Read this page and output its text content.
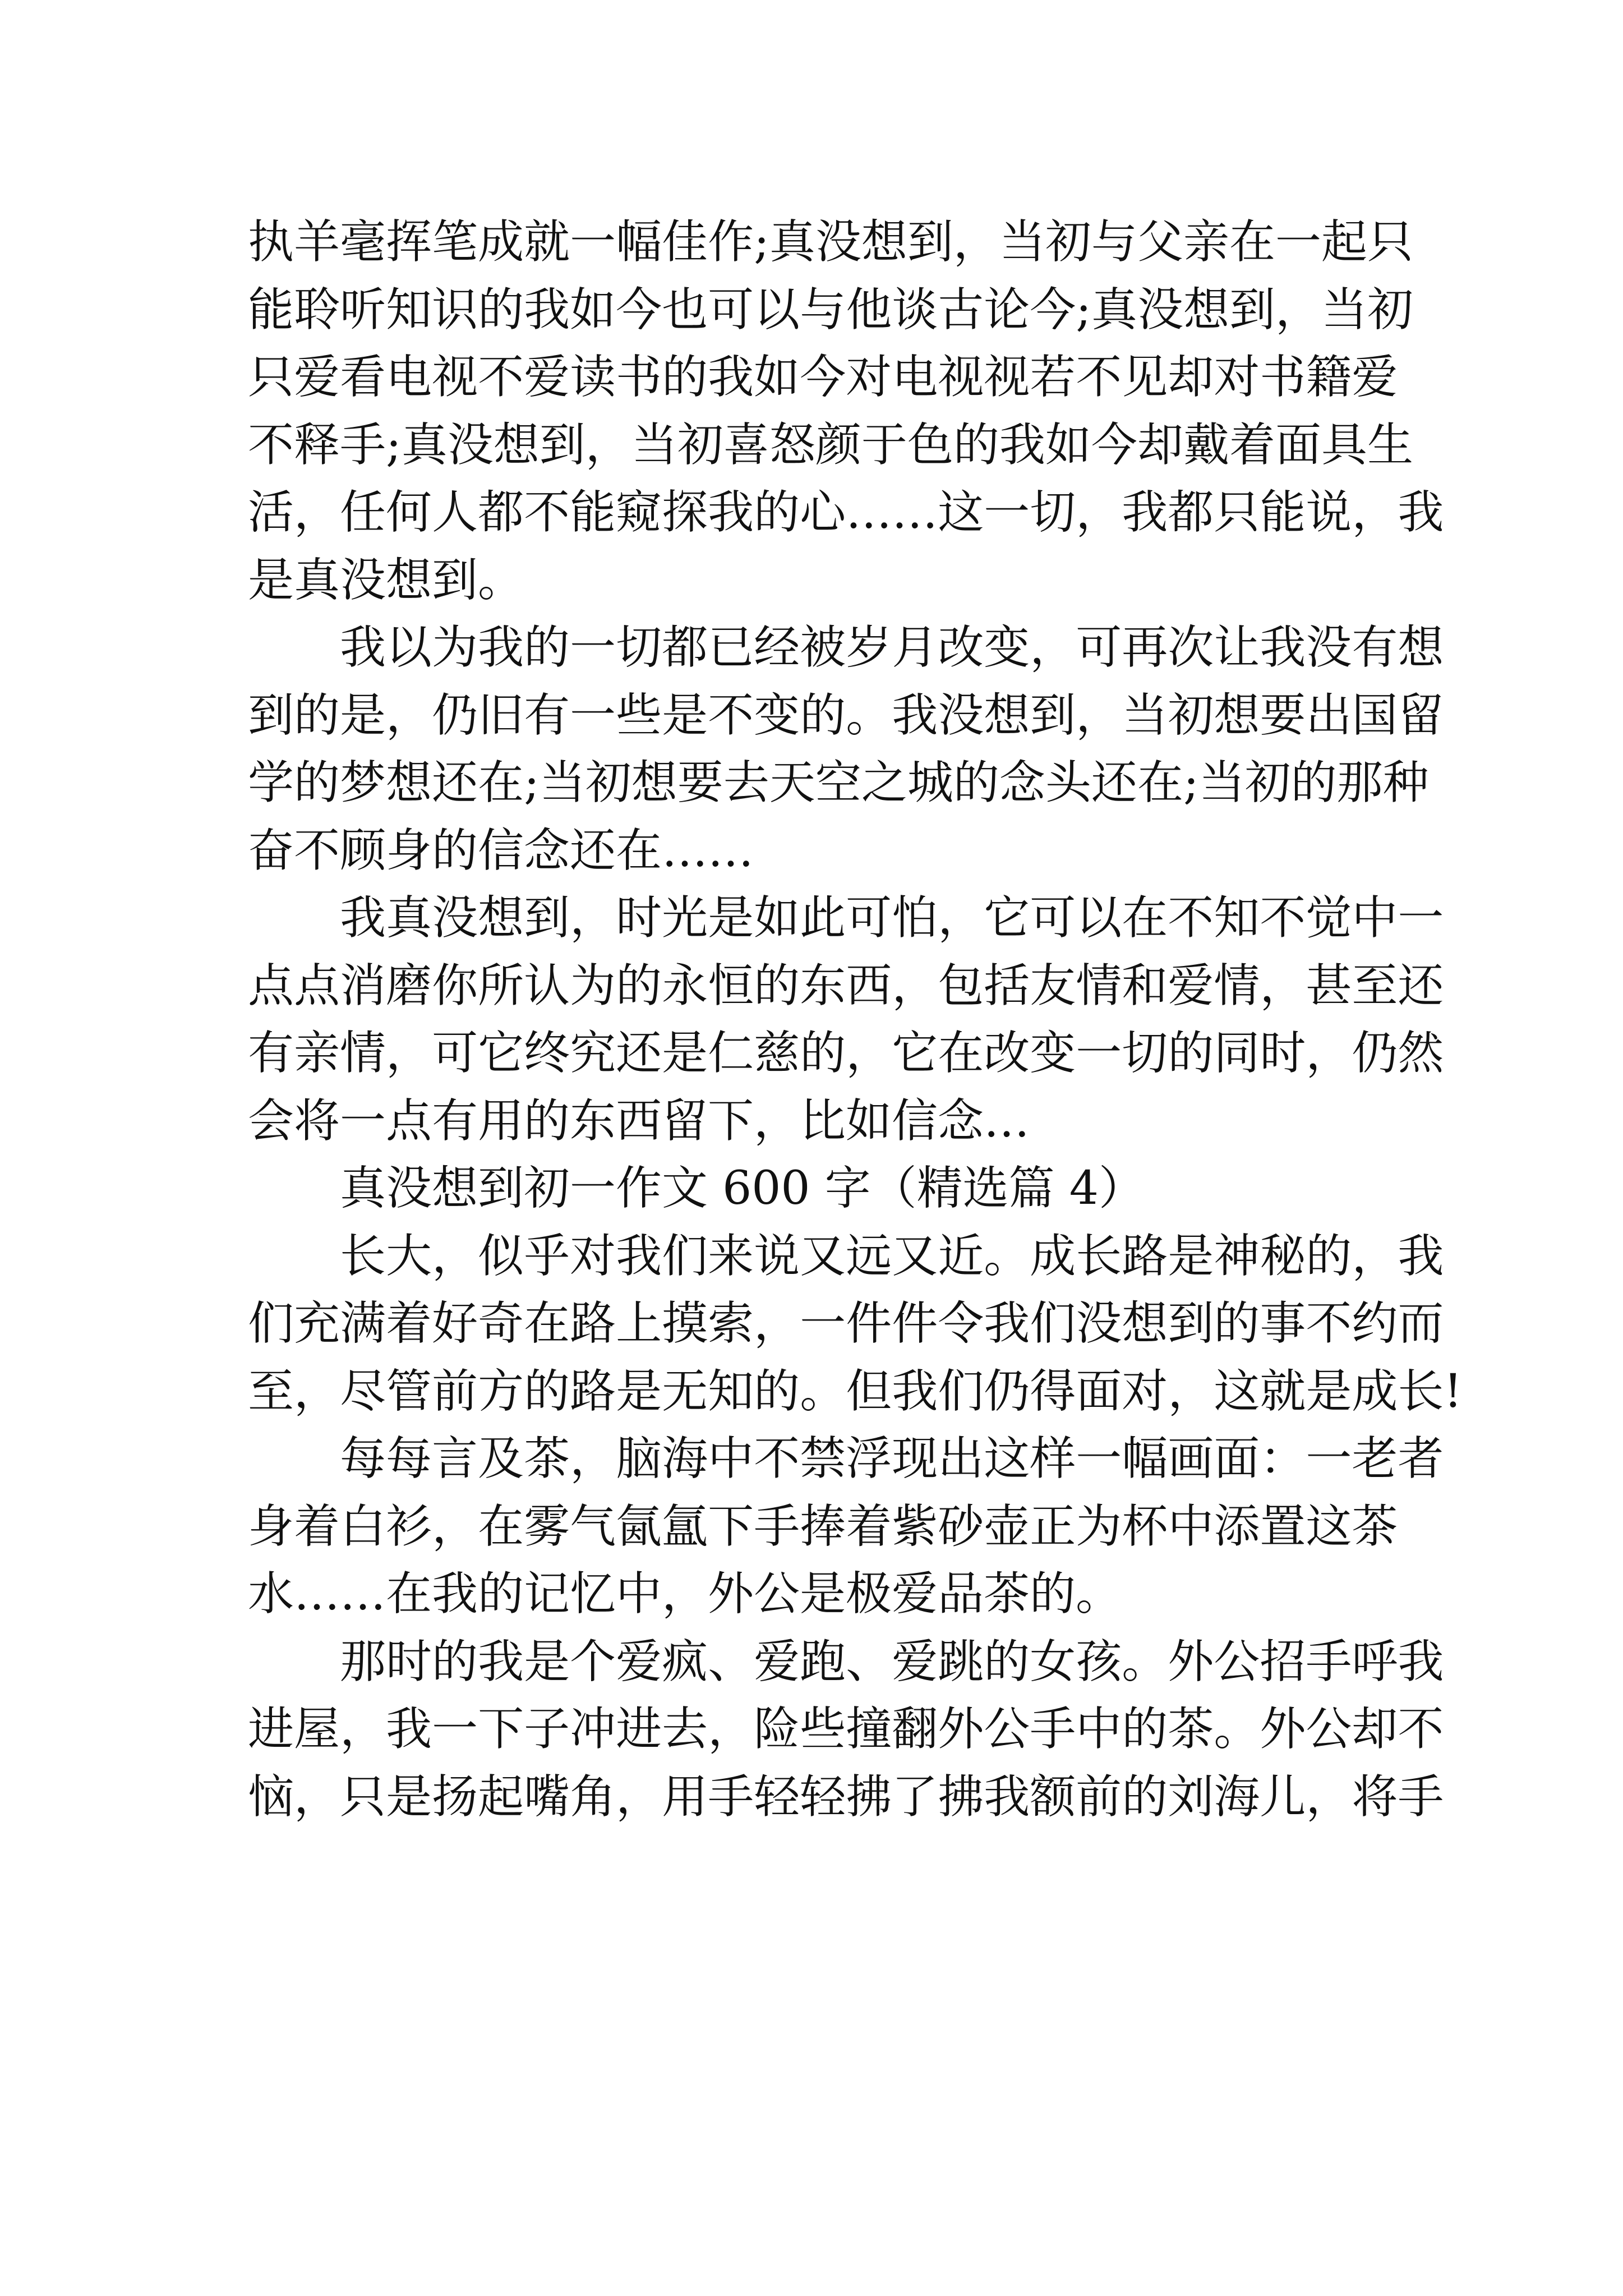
执 羊 毫 挥 笔 成 就 一 幅 佳 作 ; 真 没 想 到 ， 当 初 与 父 亲 在 一 起 只
能 聆 听 知 识 的 我 如 今 也 可 以 与 他 谈 古 论 今 ; 真 没 想 到 ， 当 初
只 爱 看 电 视 不 爱 读 书 的 我 如 今 对 电 视 视 若 不 见 却 对 书 籍 爱
不 释 手 ; 真 没 想 到 ， 当 初 喜 怒 颜 于 色 的 我 如 今 却 戴 着 面 具 生
活 ， 任 何 人 都 不 能 窥 探 我 的 心 … … 这 一 切 ， 我 都 只 能 说 ， 我
是真没想到。
我 以 为 我 的 一 切 都 已 经 被 岁 月 改 变 ， 可 再 次 让 我 没 有 想
到 的 是 ， 仍 旧 有 一 些 是 不 变 的 。 我 没 想 到 ， 当 初 想 要 出 国 留
学 的 梦 想 还 在 ; 当 初 想 要 去 天 空 之 城 的 念 头 还 在 ; 当 初 的 那 种
奋不顾身的信念还在……
我 真 没 想 到 ， 时 光 是 如 此 可 怕 ， 它 可 以 在 不 知 不 觉 中 一
点 点 消 磨 你 所 认 为 的 永 恒 的 东 西 ， 包 括 友 情 和 爱 情 ， 甚 至 还
有 亲 情 ， 可 它 终 究 还 是 仁 慈 的 ， 它 在 改 变 一 切 的 同 时 ， 仍 然
会将一点有用的东西留下，比如信念…
真没想到初一作文 600 字（精选篇 4）
长 大 ， 似 乎 对 我 们 来 说 又 远 又 近 。 成 长 路 是 神 秘 的 ， 我
们 充 满 着 好 奇 在 路 上 摸 索 ， 一 件 件 令 我 们 没 想 到 的 事 不 约 而
至 ， 尽 管 前 方 的 路 是 无 知 的 。 但 我 们 仍 得 面 对 ， 这 就 是 成 长 !
每 每 言 及 茶 ， 脑 海 中 不 禁 浮 现 出 这 样 一 幅 画 面 ： 一 老 者
身 着 白 衫 ， 在 雾 气 氤 氲 下 手 捧 着 紫 砂 壶 正 为 杯 中 添 置 这 茶
水……在我的记忆中，外公是极爱品茶的。
那 时 的 我 是 个 爱 疯 、 爱 跑 、 爱 跳 的 女 孩 。 外 公 招 手 呼 我
进 屋 ， 我 一 下 子 冲 进 去 ， 险 些 撞 翻 外 公 手 中 的 茶 。 外 公 却 不
恼 ， 只 是 扬 起 嘴 角 ， 用 手 轻 轻 拂 了 拂 我 额 前 的 刘 海 儿 ， 将 手
